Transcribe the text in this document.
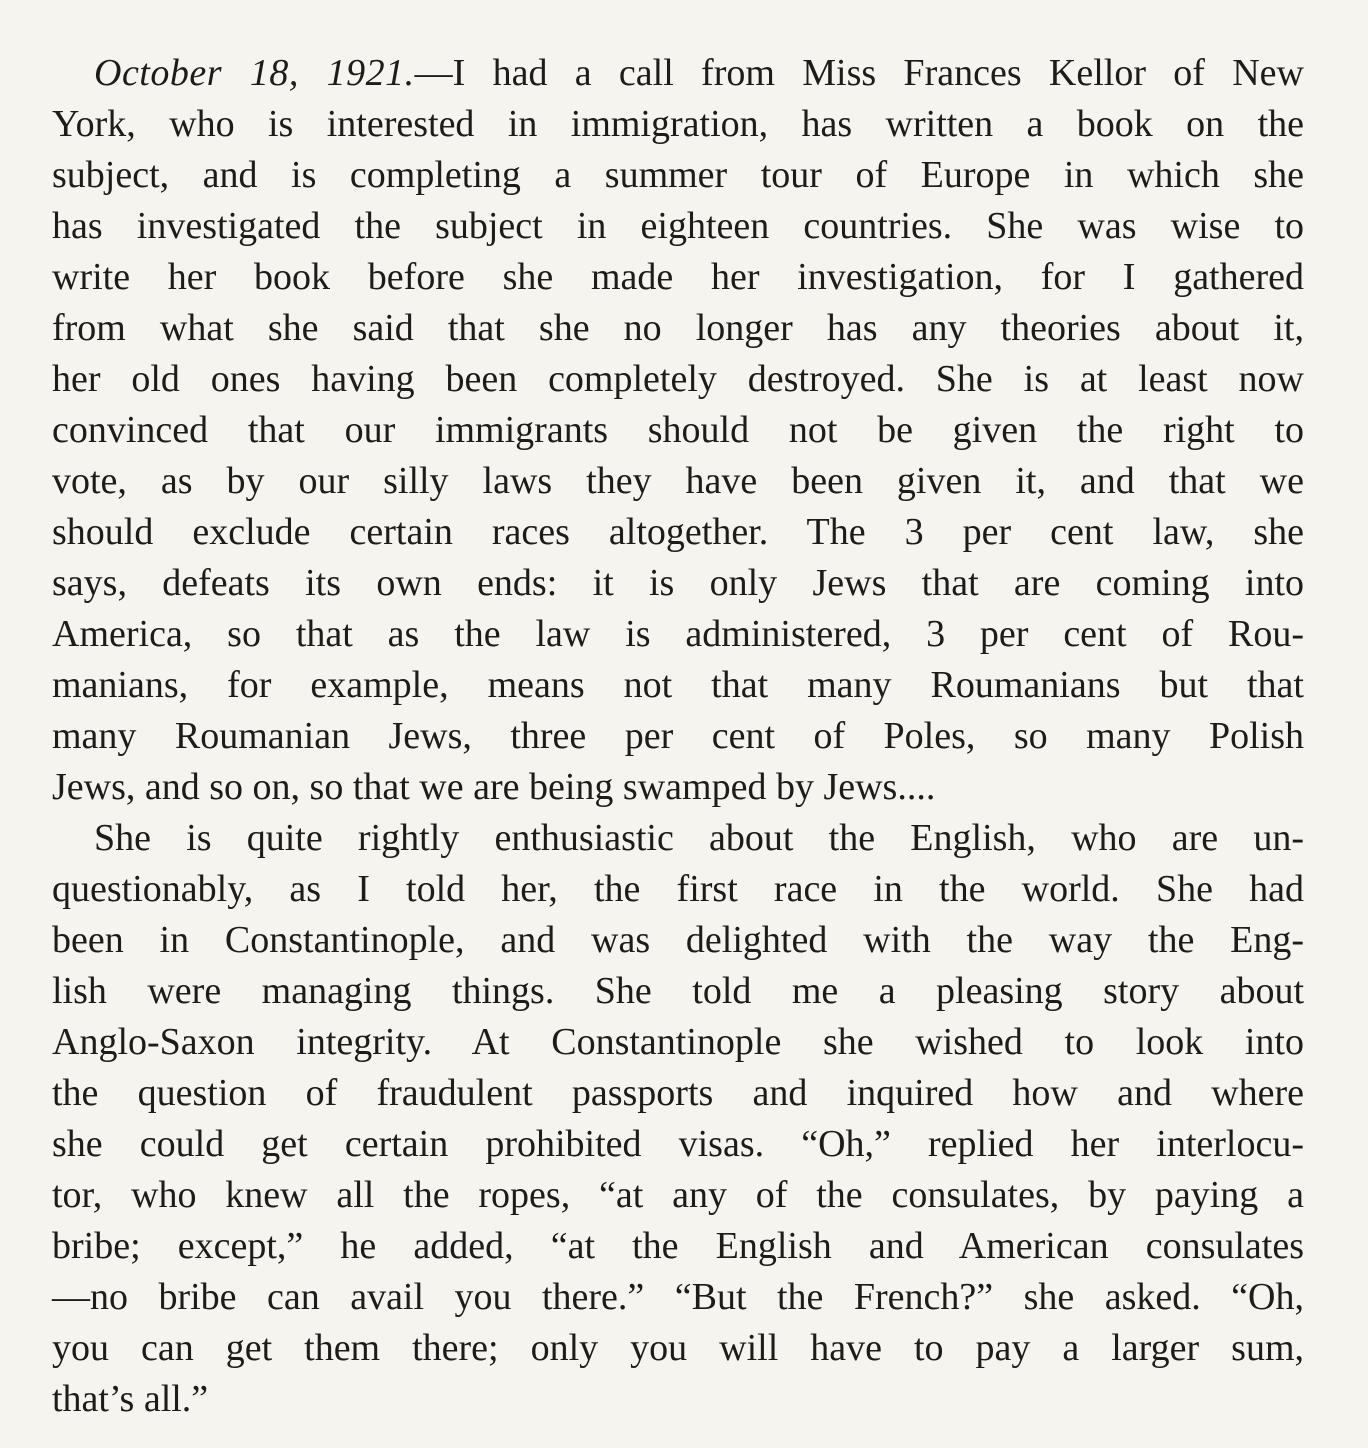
October 18, 1921.—I had a call from Miss Frances Kellor of New
York, who is interested in immigration, has written a book on the
subject, and is completing a summer tour of Europe in which she
has investigated the subject in eighteen countries. She was wise to
write her book before she made her investigation, for I gathered
from what she said that she no longer has any theories about it,
her old ones having been completely destroyed. She is at least now
convinced that our immigrants should not be given the right to
vote, as by our silly laws they have been given it, and that we
should exclude certain races altogether. The 3 per cent law, she
says, defeats its own ends: it is only Jews that are coming into
America, so that as the law is administered, 3 per cent of Rou-
manians, for example, means not that many Roumanians but that
many Roumanian Jews, three per cent of Poles, so many Polish
Jews, and so on, so that we are being swamped by Jews....
She is quite rightly enthusiastic about the English, who are un-
questionably, as I told her, the first race in the world. She had
been in Constantinople, and was delighted with the way the Eng-
lish were managing things. She told me a pleasing story about
Anglo-Saxon integrity. At Constantinople she wished to look into
the question of fraudulent passports and inquired how and where
she could get certain prohibited visas. “Oh,” replied her interlocu-
tor, who knew all the ropes, “at any of the consulates, by paying a
bribe; except,” he added, “at the English and American consulates
—no bribe can avail you there.” “But the French?” she asked. “Oh,
you can get them there; only you will have to pay a larger sum,
that’s all.”
